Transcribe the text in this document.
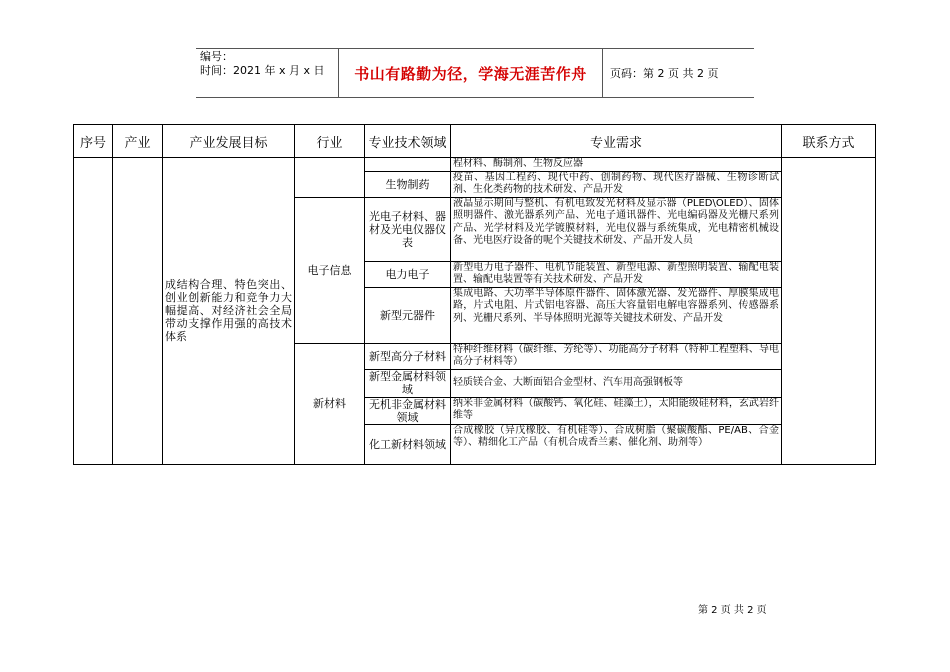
编号：
时间：2021 年 x 月 x 日	书山有路勤为径，学海无涯苦作舟	页码：第 2 页 共 2 页
序号	产业	产业发展目标	行业	专业技术领域	专业需求	联系方式
		成结构合理、特色突出、创业创新能力和竞争力大幅提高、对经济社会全局带动支撑作用强的高技术体系			程材料、酶制剂、生物反应器	
				生物制药	疫苗、基因工程药、现代中药、创制药物、现代医疗器械、生物诊断试剂、生化类药物的技术研发、产品开发	
			电子信息	光电子材料、器材及光电仪器仪表	液晶显示期间与整机、有机电致发光材料及显示器（PLED\OLED）、固体照明器件、激光器系列产品、光电子通讯器件、光电编码器及光栅尺系列产品、光学材料及光学镀膜材料，光电仪器与系统集成，光电精密机械设备、光电医疗设备的呢个关键技术研发、产品开发人员	
				电力电子	新型电力电子器件、电机节能装置、新型电源、新型照明装置、输配电装置、输配电装置等有关技术研发、产品开发	
				新型元器件	集成电路、大功率半导体原件器件、固体激光器、发光器件、厚膜集成电路，片式电阻、片式铝电容器、高压大容量铝电解电容器系列、传感器系列、光栅尺系列、半导体照明光源等关键技术研发、产品开发	
			新材料	新型高分子材料	特种纤维材料（碳纤维、芳纶等）、功能高分子材料（特种工程塑料、导电高分子材料等）	
				新型金属材料领域	轻质镁合金、大断面铝合金型材、汽车用高强钢板等	
				无机非金属材料领域	纳米非金属材料（碳酸钙、氧化硅、硅藻土），太阳能级硅材料，玄武岩纤维等	
				化工新材料领域	合成橡胶（异戊橡胶、有机硅等）、合成树脂（聚碳酸酯、PE/AB、合金等）、精细化工产品（有机合成香兰素、催化剂、助剂等）	
第 2 页 共 2 页
